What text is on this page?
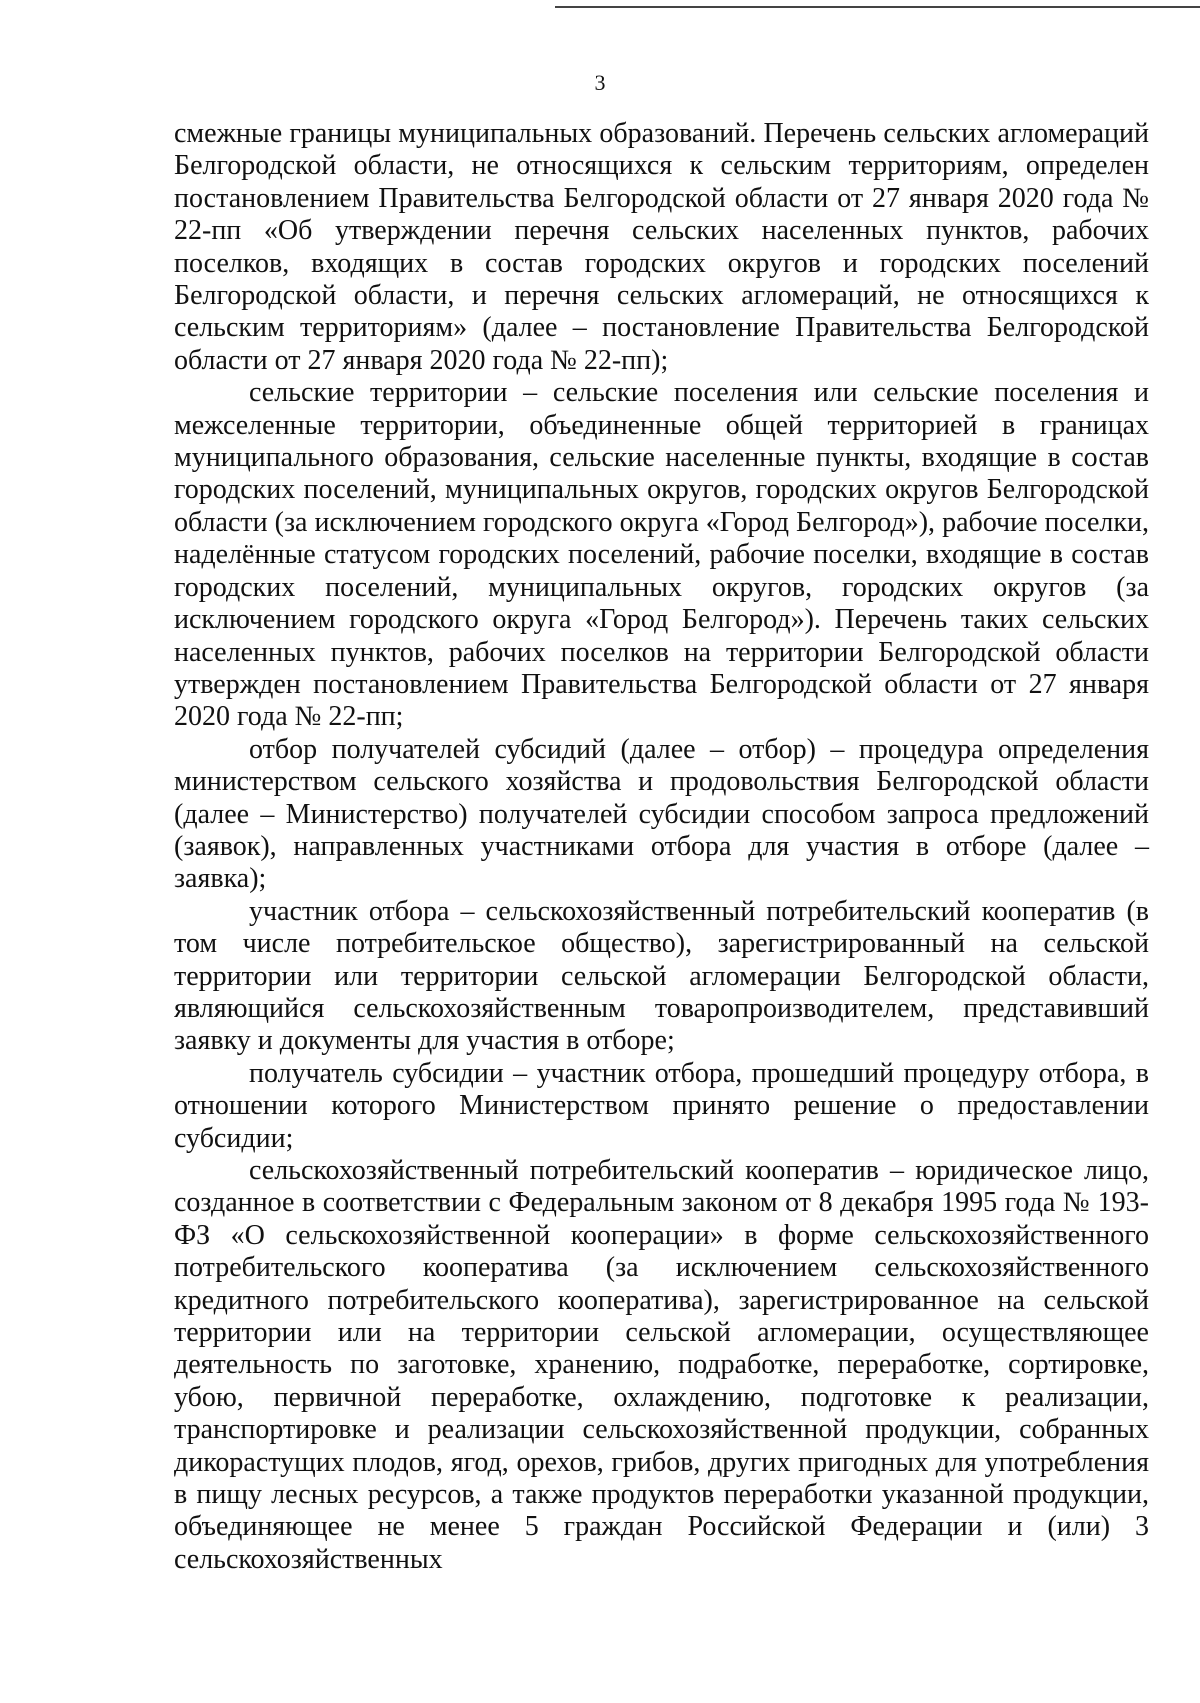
3

смежные границы муниципальных образований. Перечень сельских агломераций Белгородской области, не относящихся к сельским территориям, определен постановлением Правительства Белгородской области от 27 января 2020 года № 22-пп «Об утверждении перечня сельских населенных пунктов, рабочих поселков, входящих в состав городских округов и городских поселений Белгородской области, и перечня сельских агломераций, не относящихся к сельским территориям» (далее – постановление Правительства Белгородской области от 27 января 2020 года № 22-пп);

сельские территории – сельские поселения или сельские поселения и межселенные территории, объединенные общей территорией в границах муниципального образования, сельские населенные пункты, входящие в состав городских поселений, муниципальных округов, городских округов Белгородской области (за исключением городского округа «Город Белгород»), рабочие поселки, наделённые статусом городских поселений, рабочие поселки, входящие в состав городских поселений, муниципальных округов, городских округов (за исключением городского округа «Город Белгород»). Перечень таких сельских населенных пунктов, рабочих поселков на территории Белгородской области утвержден постановлением Правительства Белгородской области от 27 января 2020 года № 22-пп;

отбор получателей субсидий (далее – отбор) – процедура определения министерством сельского хозяйства и продовольствия Белгородской области (далее – Министерство) получателей субсидии способом запроса предложений (заявок), направленных участниками отбора для участия в отборе (далее – заявка);

участник отбора – сельскохозяйственный потребительский кооператив (в том числе потребительское общество), зарегистрированный на сельской территории или территории сельской агломерации Белгородской области, являющийся сельскохозяйственным товаропроизводителем, представивший заявку и документы для участия в отборе;

получатель субсидии – участник отбора, прошедший процедуру отбора, в отношении которого Министерством принято решение о предоставлении субсидии;

сельскохозяйственный потребительский кооператив – юридическое лицо, созданное в соответствии с Федеральным законом от 8 декабря 1995 года № 193-ФЗ «О сельскохозяйственной кооперации» в форме сельскохозяйственного потребительского кооператива (за исключением сельскохозяйственного кредитного потребительского кооператива), зарегистрированное на сельской территории или на территории сельской агломерации, осуществляющее деятельность по заготовке, хранению, подработке, переработке, сортировке, убою, первичной переработке, охлаждению, подготовке к реализации, транспортировке и реализации сельскохозяйственной продукции, собранных дикорастущих плодов, ягод, орехов, грибов, других пригодных для употребления в пищу лесных ресурсов, а также продуктов переработки указанной продукции, объединяющее не менее 5 граждан Российской Федерации и (или) 3 сельскохозяйственных
